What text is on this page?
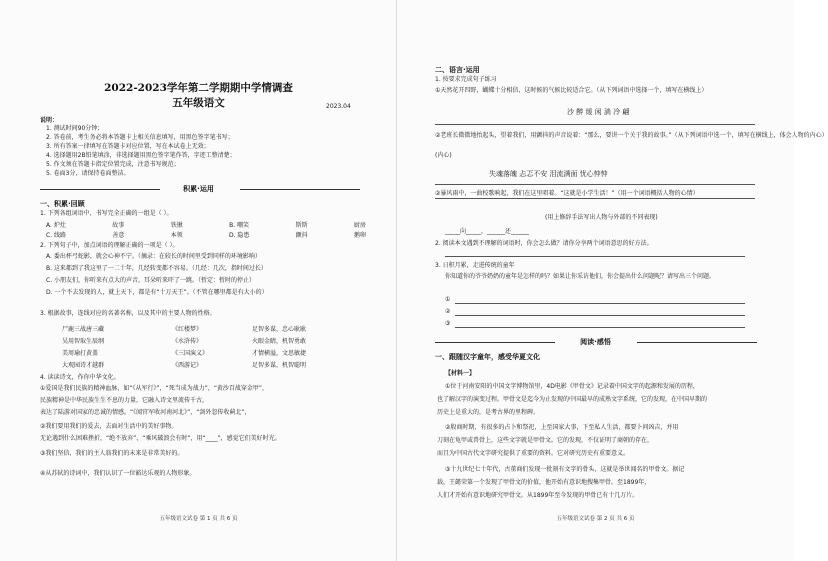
2022-2023学年第二学期期中学情调查
五年级语文	2023.04
说明：
1. 测试时间90分钟；
2. 答卷前，考生务必将本答题卡上相关信息填写，用黑色签字笔书写；
3. 所有答案一律填写在答题卡对应位置，写在本试卷上无效；
4. 选择题用2B铅笔填涂，非选择题用黑色签字笔作答，字迹工整清楚；
5. 作文须在答题卡指定位置完成，注意书写规范；
5. 卷面3分，请保持卷面整洁。
积累·运用
一、积累·回顾
1. 下列各组词语中，书写完全正确的一组是（ ）。
A. 炉灶	故事	铁锹	B. 嘲笑	斯斯	厨房
C. 线路	善意	本领	D. 隐患	颤抖	鹅卵
2. 下列句子中，加点词语的理解正确的一项是（ ）。
A. 委出杯弓蛇影，就会心神不宁。（摘录：在较长的时间里受到同样的环境影响）
B. 这来都到了我这里了一二十年，几经转变都不容易。（几经：几次，指时间过长）
C. 小朋友们，你听来有点大的声音，耳朵听来吓了一跳。（暂定：暂时的停止）
D. 一个不去发现的人，就上天下，都是有“十万天王”。（不管在哪里都是有大小的）
3. 根据故事，连线对应的名著名称，以及其中的主要人物的性格。
尸鹿三战唐三藏	《红楼梦》	足智多谋，忠心耿耿
吴用智取生辰纲	《水浒传》	火眼金睛，机智勇敢
美周瑜打黄盖	《三国演义》	才情横溢，文思敏捷
大观园诗才越群	《西游记》	足智多谋，机智聪明
4. 读读诗文，作你中华文化。
①爱国是我们民族的精神血脉，如“《从军行》”，“死当成为战力”，“黄沙百战穿金甲”，
民族精神是中华民族生生不息的力量，它融入诗文里流传千古，
表达了陆游对国家的忠诚的情感。“《闻官军收河南河北》”，“剑外忽传收蓟北”，
②我们要用我们的爱去，去面对生活中的美好事物。
无论遇到什么困难挫折，“绝不放弃”，“乘风破浪会有时”，用“____”，感觉它们美好时光。
③我们坚信，我们的主人翁我们的未来是非常美好的。
④从苏轼的诗词中，我们认识了一位豁达乐观的人物形象。
五年级语文试卷 第 1 页 共 6 页
二、语言·运用
1. 按要求完成句子练习
①天然花开四野，蝴蝶十分相信，这时候的气候比较适合它。（从下列词语中选择一个，填写在横线上）
沙 醉 缓 闲 淌 冷 翩
②老班长微微地抬起头，望着我们，用颤抖的声音说着：“那么，要讲一个关于我的故事。”（从下列词语中选一个，填写在横线上，体会人物的内心）
(内心)
失魂落魄 忐忑不安 泪流满面 忧心忡忡
②暴风雨中，一曲校歌响起，我们在这里唱着。“这就是小学生活！”（用一个词语概括人物的心情）
(用上修辞手法写出人物与外部的不同表现)
_____向_____，______还______
2. 阅读本文遇到不理解的词语时，你会怎么做？请你分享两个词语意思的好方法。
3. 日积月累，走进传统的童年
你知道你的爷爷奶奶的童年是怎样的吗？如果让你采访他们，你会提出什么问题呢？请写出三个问题。
①
②
③
阅读·感悟
一、跟随汉字童年，感受华夏文化
【材料一】
①位于河南安阳的中国文字博物馆里，4D电影《甲骨文》记录着中国文字的起源和发展的历程，
也了解汉字的演变过程。甲骨文是迄今为止发现的中国最早的成熟文字系统，它的发现，在中国早期的
历史上是重大的，是考古界的里程碑。
②殷商时期，有很多的占卜和祭祀，上至国家大事，下至私人生活，都要卜问凶吉，并用
刀刻在龟甲或兽骨上，这些文字就是甲骨文。它的发现，不仅证明了商朝的存在，
而且为中国古代文字研究提供了重要的资料。它对研究历史有重要意义。
③十九世纪七十年代，古董商们发现一批刻有文字的骨头，这就是举世闻名的甲骨文。据记
载，王懿荣第一个发现了甲骨文的价值，他开始有意识地搜集甲骨。至1899年，
人们才开始有意识地研究甲骨文。从1899年至今发现的甲骨已有十几万片。
五年级语文试卷 第 2 页 共 6 页
